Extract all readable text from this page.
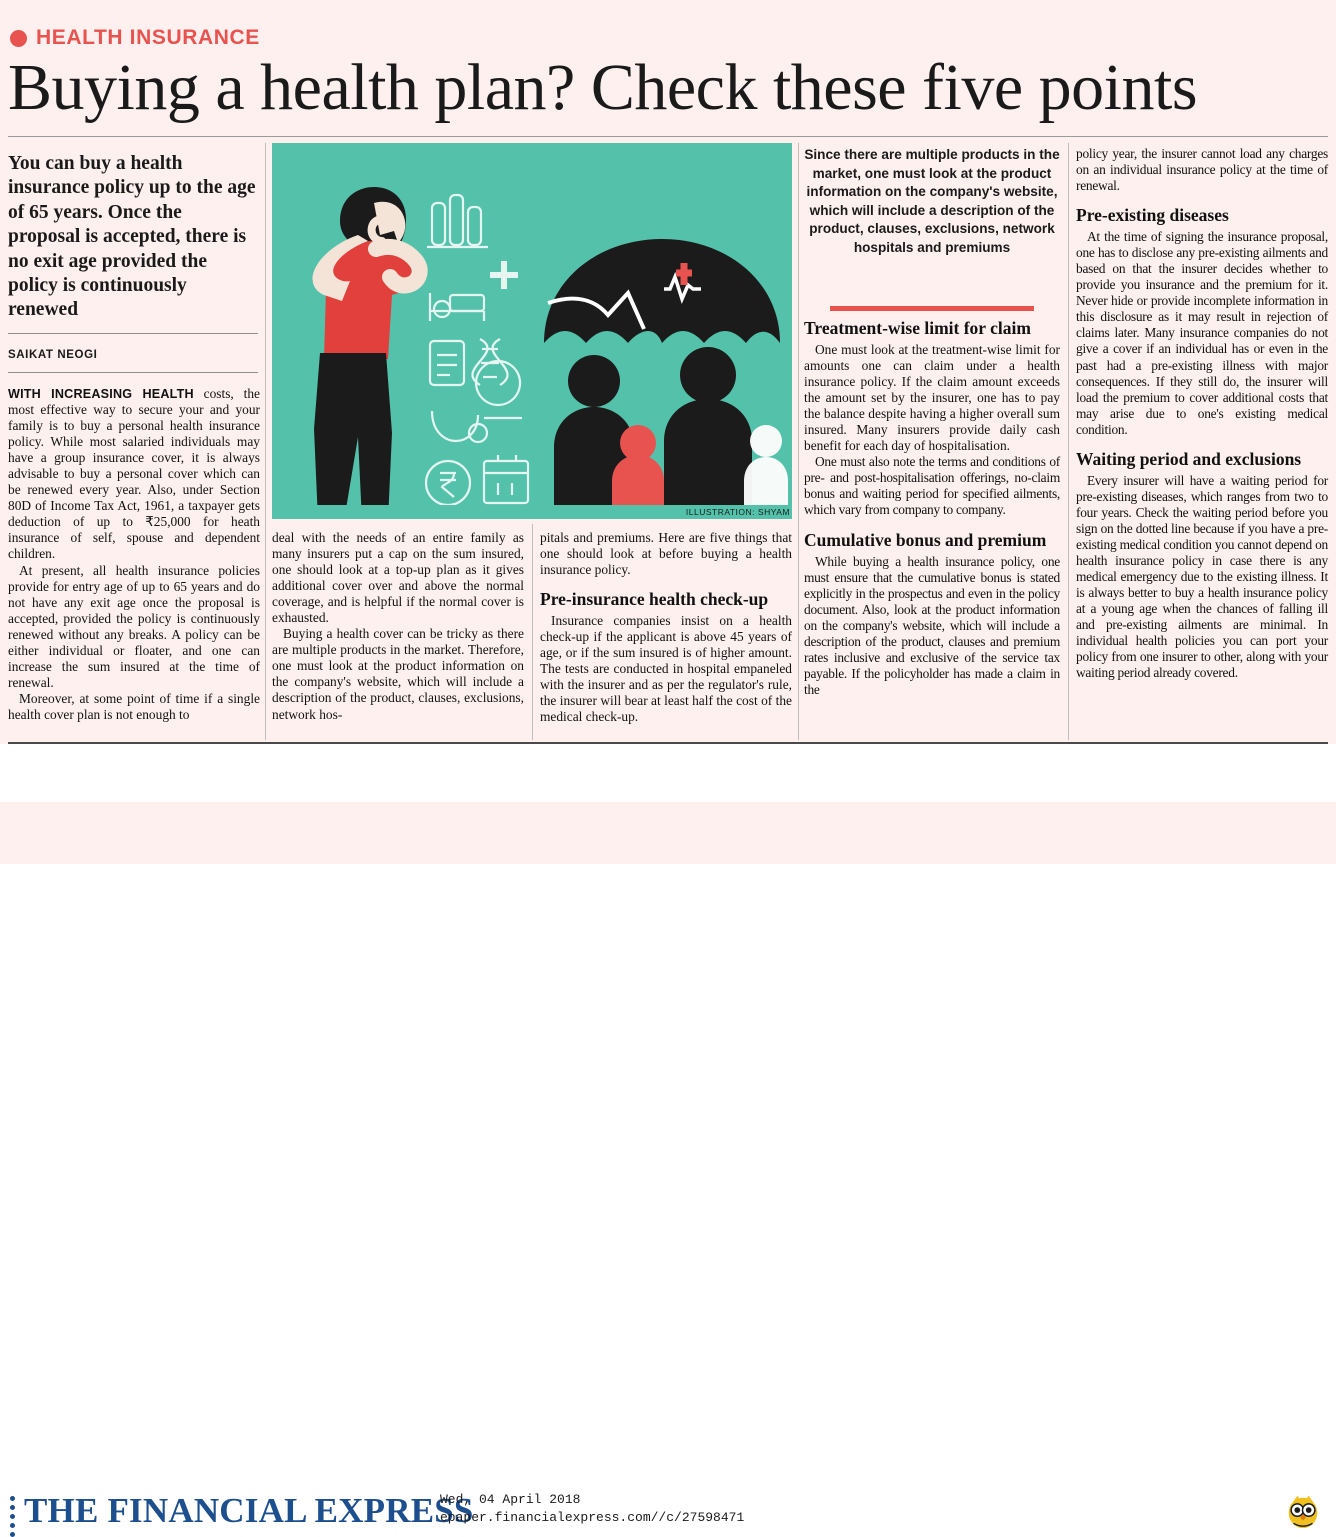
HEALTH INSURANCE
Buying a health plan? Check these five points
You can buy a health insurance policy up to the age of 65 years. Once the proposal is accepted, there is no exit age provided the policy is continuously renewed
SAIKAT NEOGI

WITH INCREASING HEALTH costs, the most effective way to secure your and your family is to buy a personal health insurance policy. While most salaried individuals may have a group insurance cover, it is always advisable to buy a personal cover which can be renewed every year. Also, under Section 80D of Income Tax Act, 1961, a taxpayer gets deduction of up to ₹25,000 for heath insurance of self, spouse and dependent children.

At present, all health insurance policies provide for entry age of up to 65 years and do not have any exit age once the proposal is accepted, provided the policy is continuously renewed without any breaks. A policy can be either individual or floater, and one can increase the sum insured at the time of renewal.

Moreover, at some point of time if a single health cover plan is not enough to

ILLUSTRATION: SHYAM

deal with the needs of an entire family as many insurers put a cap on the sum insured, one should look at a top-up plan as it gives additional cover over and above the normal coverage, and is helpful if the normal cover is exhausted.

Buying a health cover can be tricky as there are multiple products in the market. Therefore, one must look at the product information on the company's website, which will include a description of the product, clauses, exclusions, network hos-

pitals and premiums. Here are five things that one should look at before buying a health insurance policy.

Pre-insurance health check-up

Insurance companies insist on a health check-up if the applicant is above 45 years of age, or if the sum insured is of higher amount. The tests are conducted in hospital empaneled with the insurer and as per the regulator's rule, the insurer will bear at least half the cost of the medical check-up.

Since there are multiple products in the market, one must look at the product information on the company's website, which will include a description of the product, clauses, exclusions, network hospitals and premiums
Treatment-wise limit for claim

One must look at the treatment-wise limit for amounts one can claim under a health insurance policy. If the claim amount exceeds the amount set by the insurer, one has to pay the balance despite having a higher overall sum insured. Many insurers provide daily cash benefit for each day of hospitalisation.

One must also note the terms and conditions of pre- and post-hospitalisation offerings, no-claim bonus and waiting period for specified ailments, which vary from company to company.

Cumulative bonus and premium

While buying a health insurance policy, one must ensure that the cumulative bonus is stated explicitly in the prospectus and even in the policy document. Also, look at the product information on the company's website, which will include a description of the product, clauses and premium rates inclusive and exclusive of the service tax payable. If the policyholder has made a claim in the

policy year, the insurer cannot load any charges on an individual insurance policy at the time of renewal.

Pre-existing diseases

At the time of signing the insurance proposal, one has to disclose any pre-existing ailments and based on that the insurer decides whether to provide you insurance and the premium for it. Never hide or provide incomplete information in this disclosure as it may result in rejection of claims later. Many insurance companies do not give a cover if an individual has or even in the past had a pre-existing illness with major consequences. If they still do, the insurer will load the premium to cover additional costs that may arise due to one's existing medical condition.

Waiting period and exclusions

Every insurer will have a waiting period for pre-existing diseases, which ranges from two to four years. Check the waiting period before you sign on the dotted line because if you have a pre-existing medical condition you cannot depend on health insurance policy in case there is any medical emergency due to the existing illness. It is always better to buy a health insurance policy at a young age when the chances of falling ill and pre-existing ailments are minimal. In individual health policies you can port your policy from one insurer to other, along with your waiting period already covered.

THE FINANCIAL EXPRESS
Wed, 04 April 2018
epaper.financialexpress.com//c/27598471
